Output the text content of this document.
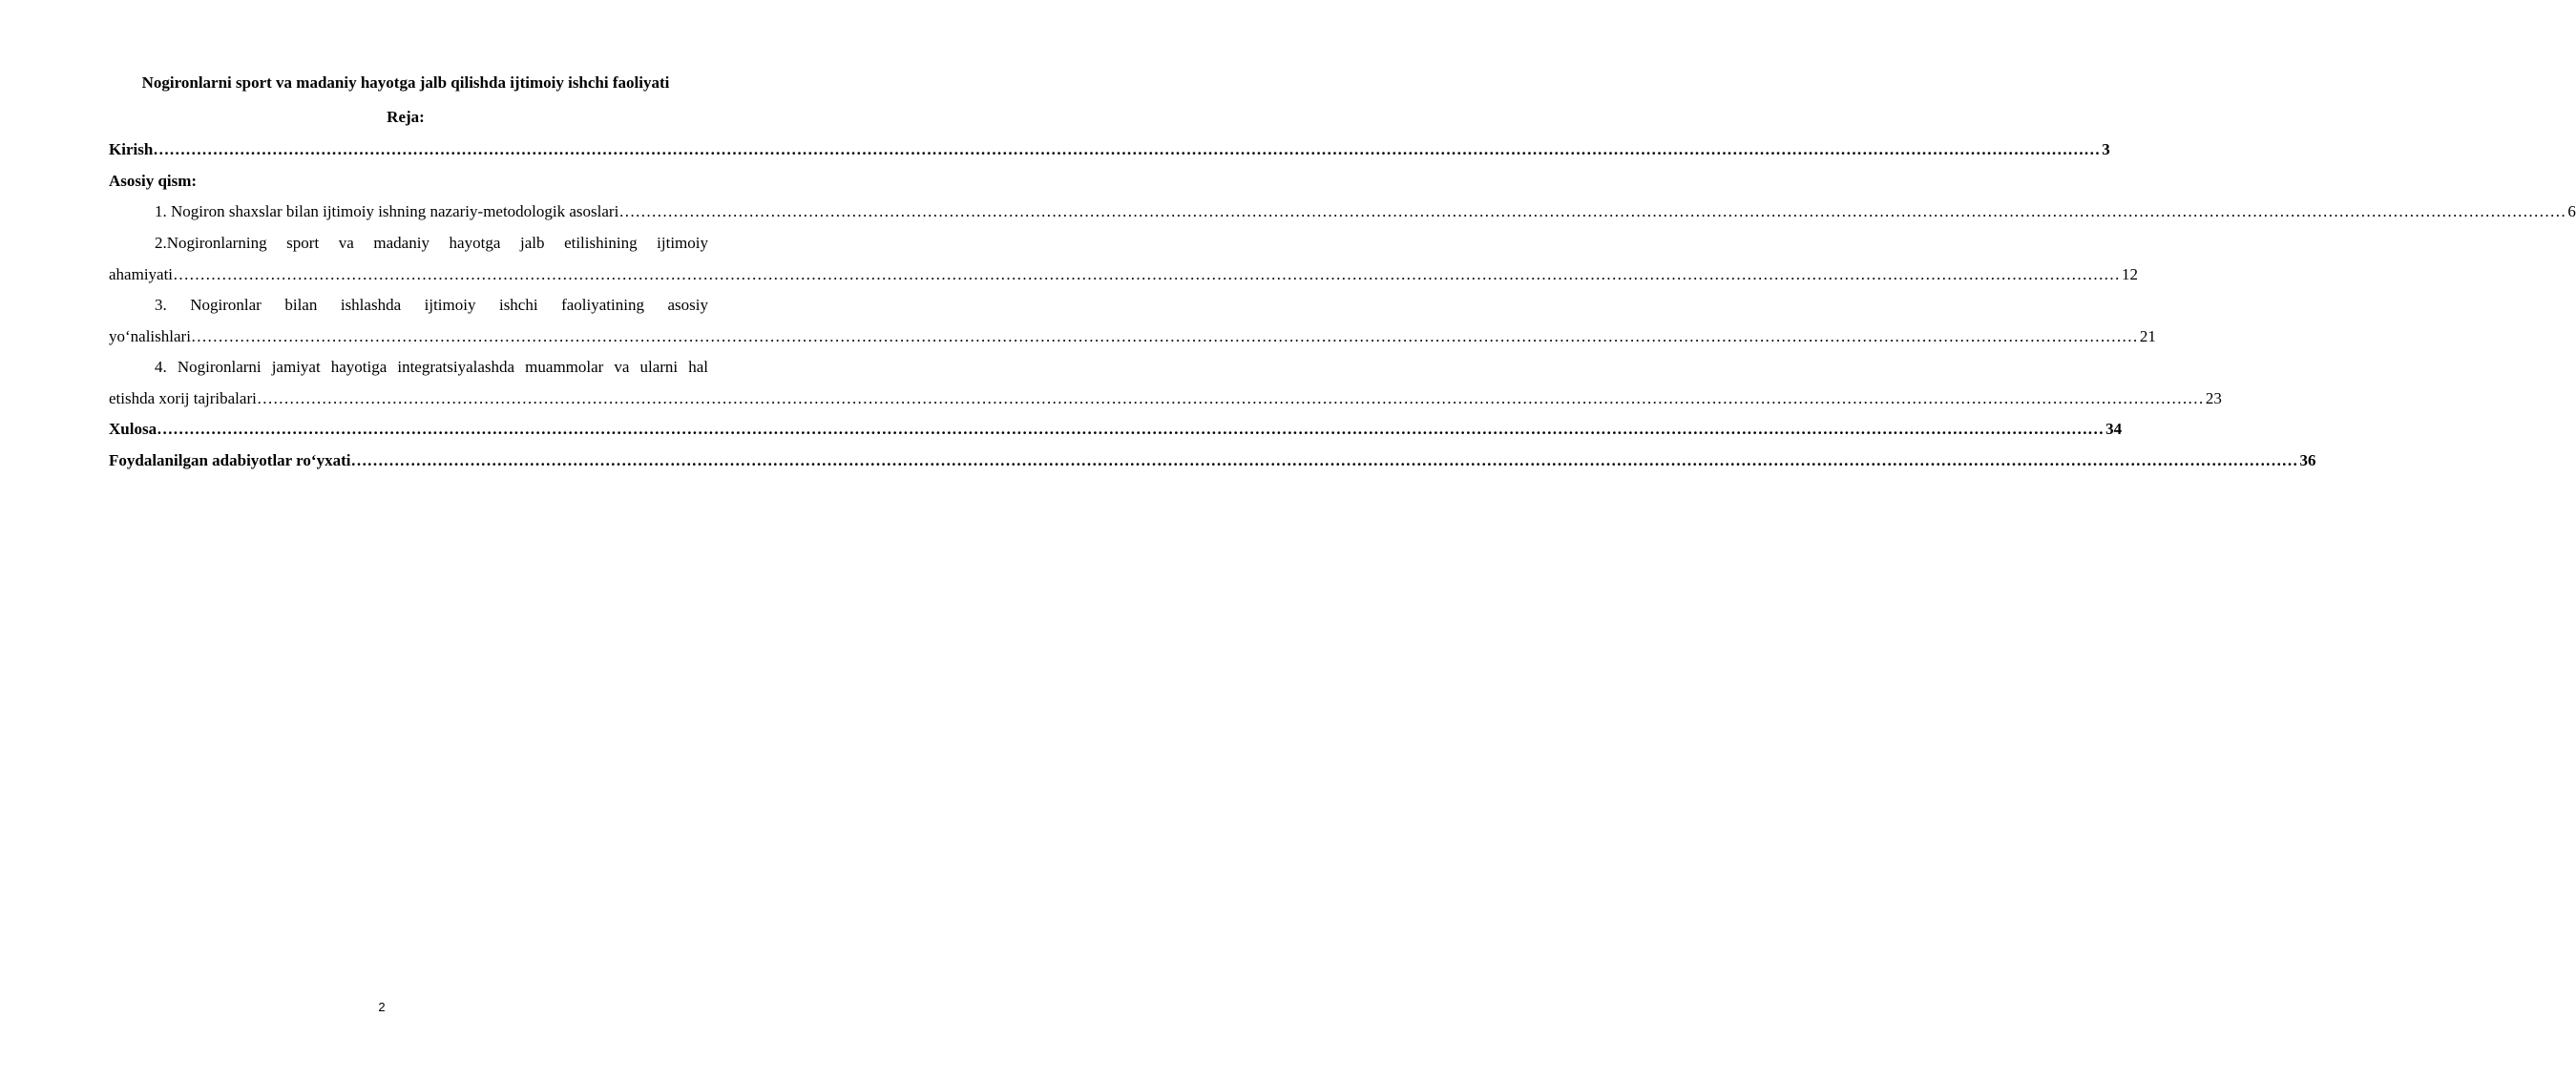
Nogironlarni sport va madaniy hayotga jalb qilishda ijtimoiy ishchi faoliyati
Reja:
Kirish ……………………………………………………………………………………………………………………………………………………………………………………………………………………………………………………………………………………………………………………………… 3
Asosiy qism:
1. Nogiron shaxslar bilan ijtimoiy ishning nazariy-metodologik asoslari ……………………………………………………………………………………………………………………………………………………………………………………………………………………………………………………………………………………………………………………………… 6
2.Nogironlarning sport va madaniy hayotga jalb etilishining ijtimoiy
ahamiyati ……………………………………………………………………………………………………………………………………………………………………………………………………………………………………………………………………………………………………………………………… 12
3. Nogironlar bilan ishlashda ijtimoiy ishchi faoliyatining asosiy
yo‘nalishlari ……………………………………………………………………………………………………………………………………………………………………………………………………………………………………………………………………………………………………………………………… 21
4. Nogironlarni jamiyat hayotiga integratsiyalashda muammolar va ularni hal
etishda xorij tajribalari ……………………………………………………………………………………………………………………………………………………………………………………………………………………………………………………………………………………………………………………………… 23
Xulosa ……………………………………………………………………………………………………………………………………………………………………………………………………………………………………………………………………………………………………………………………… 34
Foydalanilgan adabiyotlar ro‘yxati ……………………………………………………………………………………………………………………………………………………………………………………………………………………………………………………………………………………………………………………………… 36
2
